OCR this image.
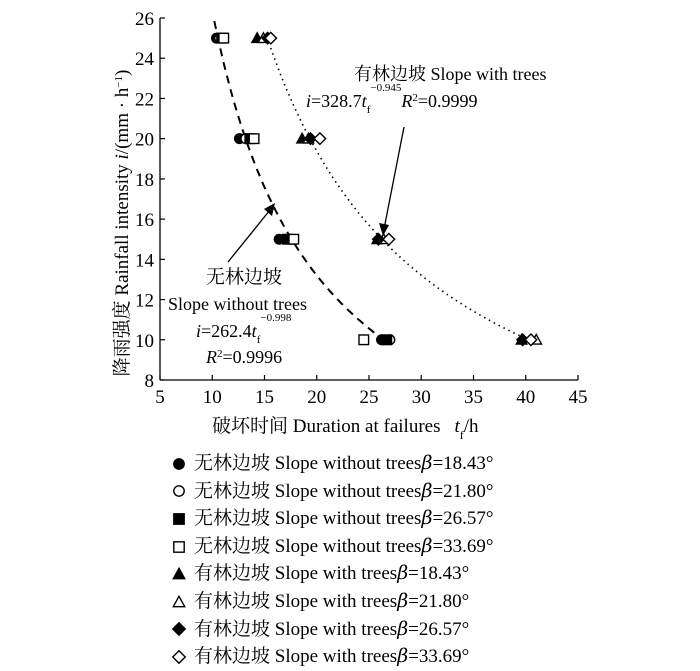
5 10 15 20 25 30 35 40 45
8
10
12
14
16
18
20
22
24
26
降雨强度 Rainfall intensity $i/(mm \cdot h^{-1})$
破坏时间 Duration at failures $t_f/h$
有林边坡 Slope with trees
$i=328.7t_f^{-0.945}R^2=0.9999$
无林边坡
Slope without trees
$i=262.4t_f^{-0.998}$
$R^2=0.9996$
无林边坡 Slope without trees β =18.43°
无林边坡 Slope without trees β =21.80°
无林边坡 Slope without trees β =26.57°
无林边坡 Slope without trees β =33.69°
有林边坡 Slope with trees β =18.43°
有林边坡 Slope with trees β =21.80°
有林边坡 Slope with trees β =26.57°
有林边坡 Slope with trees β =33.69°
